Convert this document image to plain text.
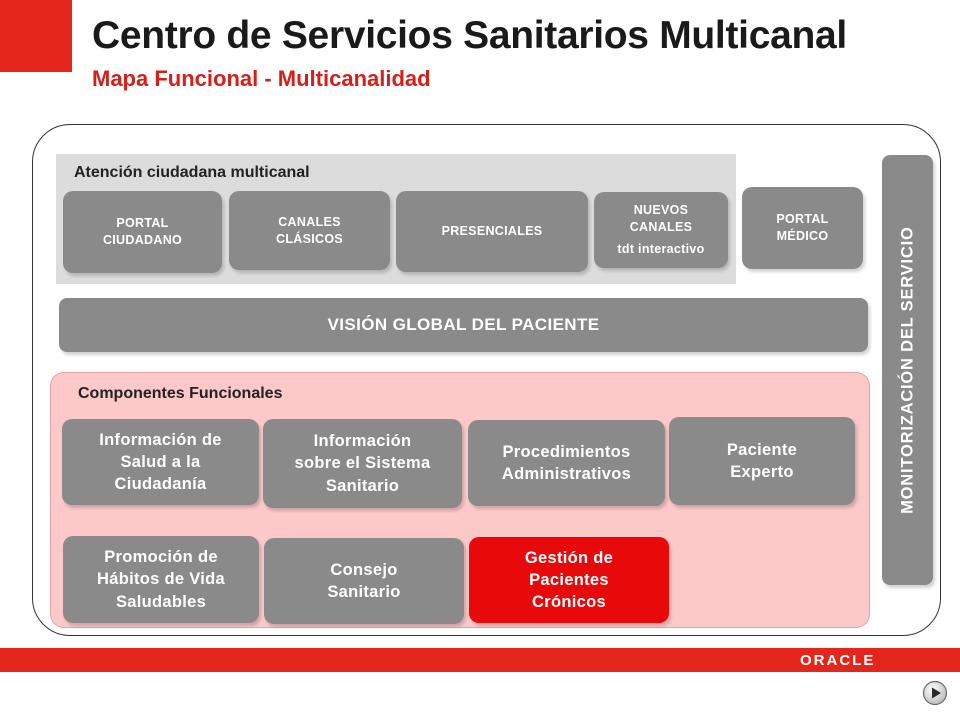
Centro de Servicios Sanitarios Multicanal
Mapa Funcional - Multicanalidad
Atención ciudadana multicanal
PORTAL
CIUDADANO
CANALES
CLÁSICOS
PRESENCIALES
NUEVOS
CANALES
tdt interactivo
PORTAL
MÉDICO
VISIÓN GLOBAL DEL PACIENTE
Componentes Funcionales
Información de
Salud a la
Ciudadanía
Información
sobre el Sistema
Sanitario
Procedimientos
Administrativos
Paciente
Experto
Promoción de
Hábitos de Vida
Saludables
Consejo
Sanitario
Gestión de
Pacientes
Crónicos
MONITORIZACIÓN DEL SERVICIO
ORACLE
